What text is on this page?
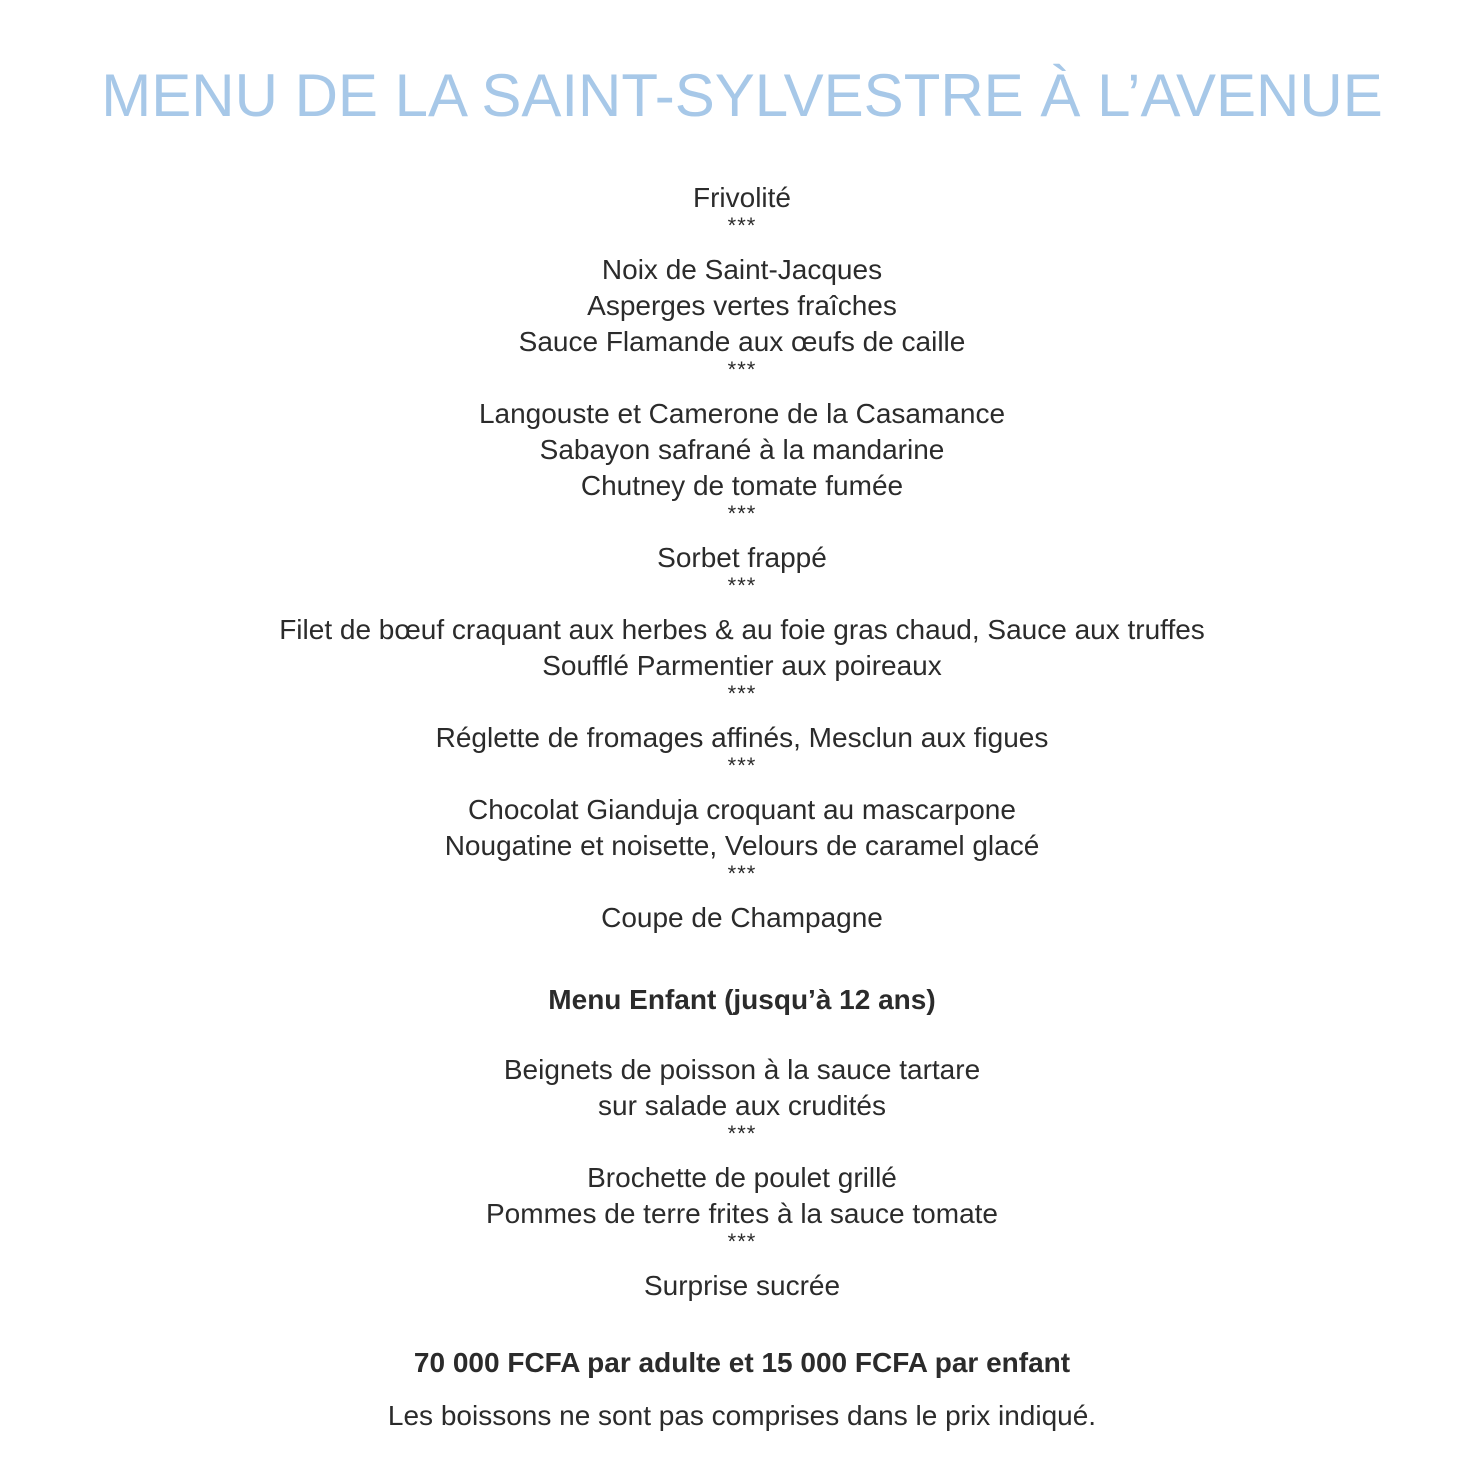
MENU DE LA SAINT-SYLVESTRE À L’AVENUE
Frivolité
***
Noix de Saint-Jacques
Asperges vertes fraîches
Sauce Flamande aux œufs de caille
***
Langouste et Camerone de la Casamance
Sabayon safrané à la mandarine
Chutney de tomate fumée
***
Sorbet frappé
***
Filet de bœuf craquant aux herbes & au foie gras chaud, Sauce aux truffes
Soufflé Parmentier aux poireaux
***
Réglette de fromages affinés, Mesclun aux figues
***
Chocolat Gianduja croquant au mascarpone
Nougatine et noisette, Velours de caramel glacé
***
Coupe de Champagne
Menu Enfant (jusqu’à 12 ans)
Beignets de poisson à la sauce tartare
sur salade aux crudités
***
Brochette de poulet grillé
Pommes de terre frites à la sauce tomate
***
Surprise sucrée
70 000 FCFA par adulte et 15 000 FCFA par enfant
Les boissons ne sont pas comprises dans le prix indiqué.
